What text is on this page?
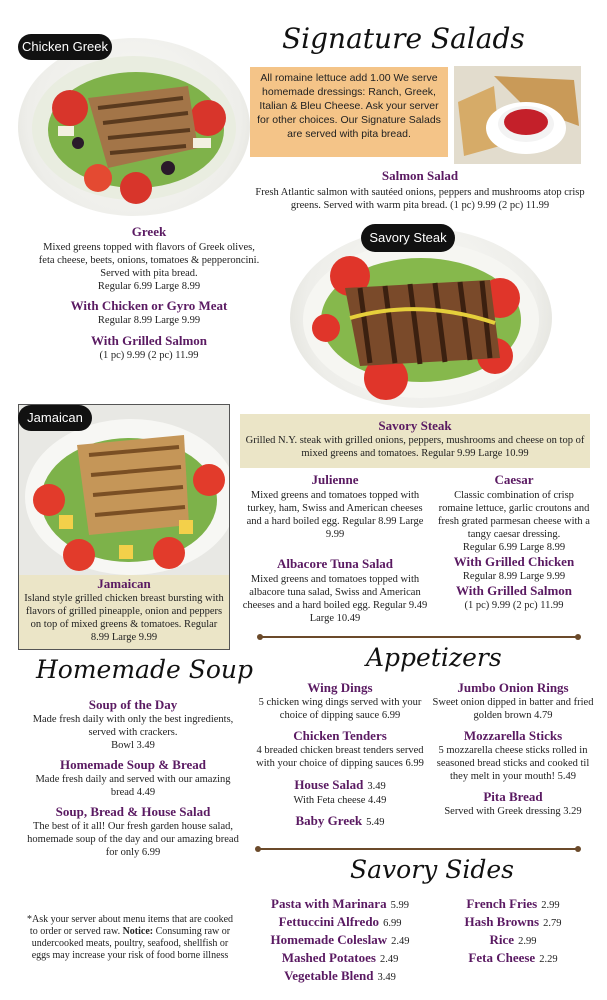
Chicken Greek	Signature Salads
All romaine lettuce add 1.00 We serve homemade dressings: Ranch, Greek, Italian & Bleu Cheese. Ask your server for other choices. Our Signature Salads are served with pita bread.
Salmon Salad
Fresh Atlantic salmon with sautéed onions, peppers and mushrooms atop crisp greens. Served with warm pita bread. (1 pc) 9.99 (2 pc) 11.99
Greek
Mixed greens topped with flavors of Greek olives, feta cheese, beets, onions, tomatoes & pepperoncini. Served with pita bread.
Regular 6.99 Large 8.99
With Chicken or Gyro Meat
Regular 8.99 Large 9.99
With Grilled Salmon
(1 pc) 9.99 (2 pc) 11.99
Savory Steak
Jamaican
Jamaican
Island style grilled chicken breast bursting with flavors of grilled pineapple, onion and peppers on top of mixed greens & tomatoes. Regular 8.99 Large 9.99
Savory Steak
Grilled N.Y. steak with grilled onions, peppers, mushrooms and cheese on top of mixed greens and tomatoes. Regular 9.99 Large 10.99
Julienne
Mixed greens and tomatoes topped with turkey, ham, Swiss and American cheeses and a hard boiled egg. Regular 8.99 Large 9.99
Albacore Tuna Salad
Mixed greens and tomatoes topped with albacore tuna salad, Swiss and American cheeses and a hard boiled egg. Regular 9.49 Large 10.49
Caesar
Classic combination of crisp romaine lettuce, garlic croutons and fresh grated parmesan cheese with a tangy caesar dressing.
Regular 6.99 Large 8.99
With Grilled Chicken
Regular 8.99 Large 9.99
With Grilled Salmon
(1 pc) 9.99 (2 pc) 11.99
Homemade Soup
Soup of the Day
Made fresh daily with only the best ingredients, served with crackers.
Bowl 3.49
Homemade Soup & Bread
Made fresh daily and served with our amazing bread 4.49
Soup, Bread & House Salad
The best of it all! Our fresh garden house salad, homemade soup of the day and our amazing bread for only 6.99
Appetizers
Wing Dings
5 chicken wing dings served with your choice of dipping sauce 6.99
Chicken Tenders
4 breaded chicken breast tenders served with your choice of dipping sauces 6.99
House Salad 3.49
With Feta cheese 4.49
Baby Greek 5.49
Jumbo Onion Rings
Sweet onion dipped in batter and fried golden brown 4.79
Mozzarella Sticks
5 mozzarella cheese sticks rolled in seasoned bread sticks and cooked til they melt in your mouth! 5.49
Pita Bread
Served with Greek dressing 3.29
Savory Sides
Pasta with Marinara 5.99
Fettuccini Alfredo 6.99
Homemade Coleslaw 2.49
Mashed Potatoes 2.49
Vegetable Blend 3.49
French Fries 2.99
Hash Browns 2.79
Rice 2.99
Feta Cheese 2.29
*Ask your server about menu items that are cooked to order or served raw. Notice: Consuming raw or undercooked meats, poultry, seafood, shellfish or eggs may increase your risk of food borne illness
